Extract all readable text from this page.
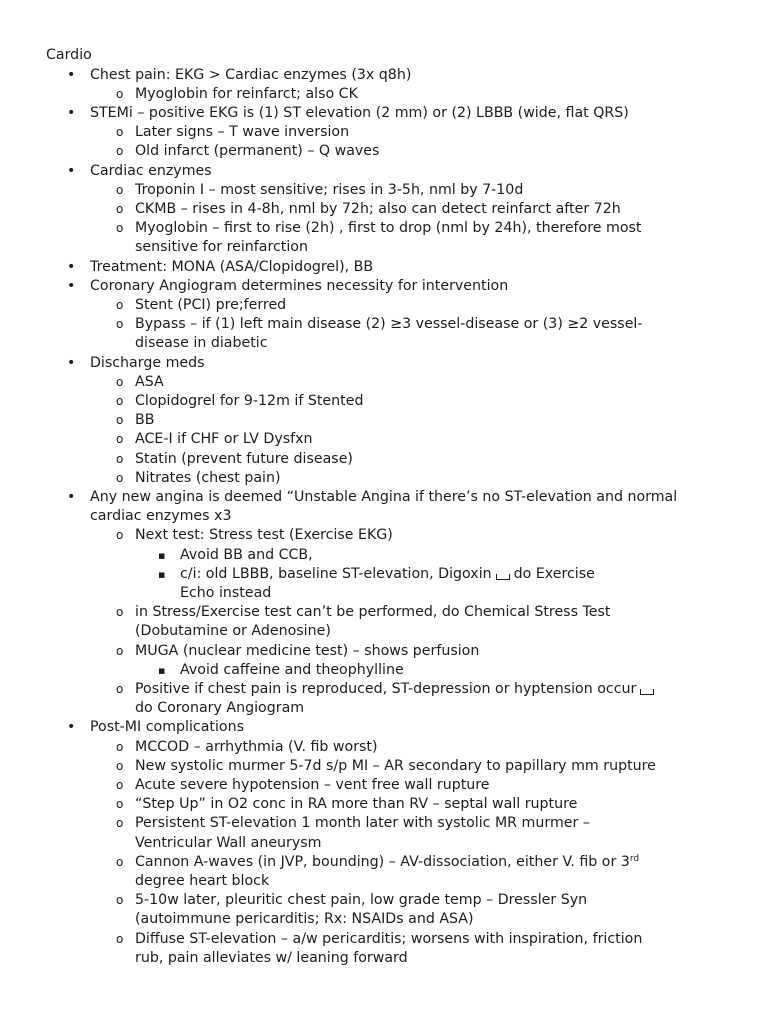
Cardio
• Chest pain: EKG > Cardiac enzymes (3x q8h)
o Myoglobin for reinfarct; also CK
• STEMi – positive EKG is (1) ST elevation (2 mm) or (2) LBBB (wide, flat QRS)
o Later signs – T wave inversion
o Old infarct (permanent) – Q waves
• Cardiac enzymes
o Troponin I – most sensitive; rises in 3-5h, nml by 7-10d
o CKMB – rises in 4-8h, nml by 72h; also can detect reinfarct after 72h
o Myoglobin – first to rise (2h) , first to drop (nml by 24h), therefore most sensitive for reinfarction
• Treatment: MONA (ASA/Clopidogrel), BB
• Coronary Angiogram determines necessity for intervention
o Stent (PCI) pre;ferred
o Bypass – if (1) left main disease (2) ≥3 vessel-disease or (3) ≥2 vessel-disease in diabetic
• Discharge meds
o ASA
o Clopidogrel for 9-12m if Stented
o BB
o ACE-I if CHF or LV Dysfxn
o Statin (prevent future disease)
o Nitrates (chest pain)
• Any new angina is deemed “Unstable Angina if there’s no ST-elevation and normal cardiac enzymes x3
o Next test: Stress test (Exercise EKG)
▪ Avoid BB and CCB,
▪ c/i: old LBBB, baseline ST-elevation, Digoxin do Exercise Echo instead
o in Stress/Exercise test can’t be performed, do Chemical Stress Test (Dobutamine or Adenosine)
o MUGA (nuclear medicine test) – shows perfusion
▪ Avoid caffeine and theophylline
o Positive if chest pain is reproduced, ST-depression or hyptension occurdo Coronary Angiogram
• Post-MI complications
o MCCOD – arrhythmia (V. fib worst)
o New systolic murmer 5-7d s/p MI – AR secondary to papillary mm rupture
o Acute severe hypotension – vent free wall rupture
o “Step Up” in O2 conc in RA more than RV – septal wall rupture
o Persistent ST-elevation 1 month later with systolic MR murmer – Ventricular Wall aneurysm
o Cannon A-waves (in JVP, bounding) – AV-dissociation, either V. fib or 3rd degree heart block
o 5-10w later, pleuritic chest pain, low grade temp – Dressler Syn (autoimmune pericarditis; Rx: NSAIDs and ASA)
o Diffuse ST-elevation – a/w pericarditis; worsens with inspiration, friction rub, pain alleviates w/ leaning forward
